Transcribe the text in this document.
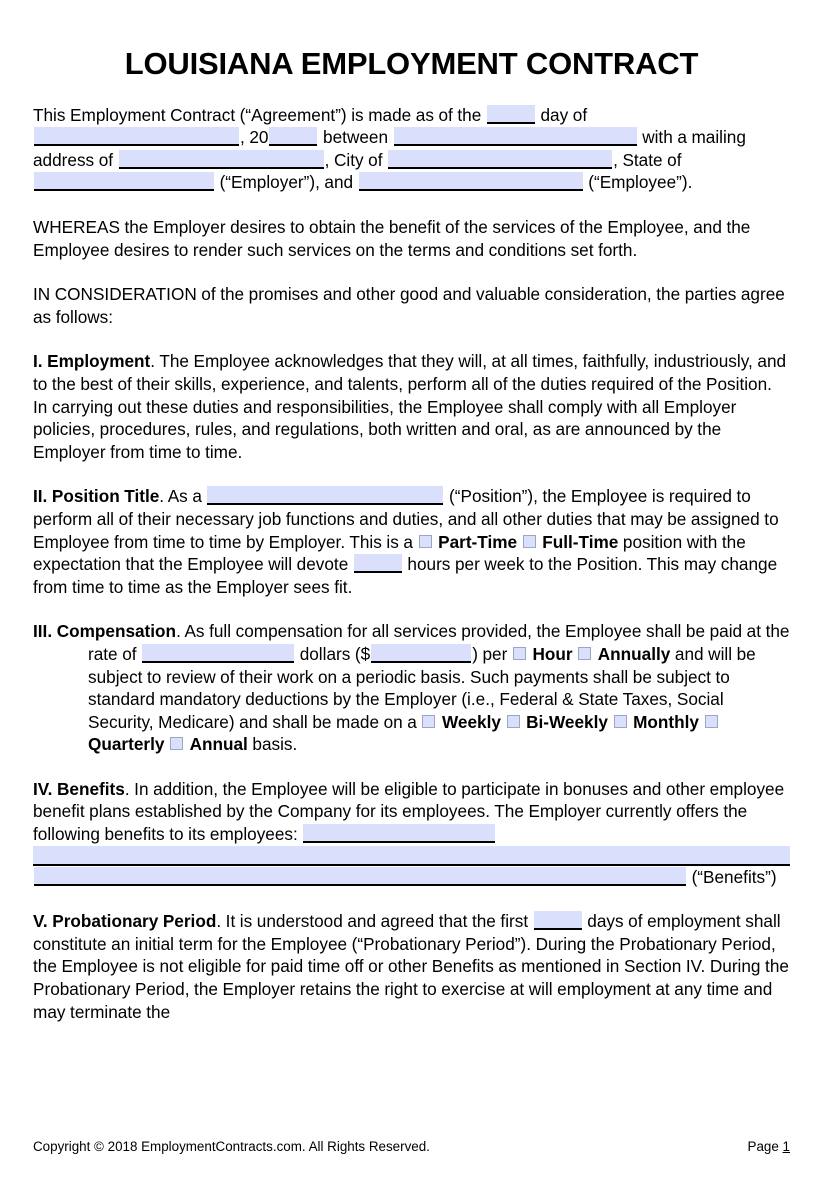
LOUISIANA EMPLOYMENT CONTRACT

This Employment Contract (“Agreement”) is made as of the	day of , 20	between	with a mailing address of	, City of	, State of  (“Employer”), and	(“Employee”).

WHEREAS the Employer desires to obtain the benefit of the services of the Employee, and the Employee desires to render such services on the terms and conditions set forth.

IN CONSIDERATION of the promises and other good and valuable consideration, the parties agree as follows:

I. Employment. The Employee acknowledges that they will, at all times, faithfully, industriously, and to the best of their skills, experience, and talents, perform all of the duties required of the Position. In carrying out these duties and responsibilities, the Employee shall comply with all Employer policies, procedures, rules, and regulations, both written and oral, as are announced by the Employer from time to time.

II. Position Title. As a	(“Position”), the Employee is required to perform all of their necessary job functions and duties, and all other duties that may be assigned to Employee from time to time by Employer. This is a Part-Time Full-Time position with the expectation that the Employee will devote	hours per week to the Position. This may change from time to time as the Employer sees fit.

III. Compensation. As full compensation for all services provided, the Employee shall be paid at the rate of	dollars ($	) per Hour Annually and will be subject to review of their work on a periodic basis. Such payments shall be subject to standard mandatory deductions by the Employer (i.e., Federal & State Taxes, Social Security, Medicare) and shall be made on a Weekly Bi-Weekly Monthly  Quarterly Annual basis.

IV. Benefits. In addition, the Employee will be eligible to participate in bonuses and other employee benefit plans established by the Company for its employees. The Employer currently offers the following benefits to its employees:
(“Benefits”)

V. Probationary Period. It is understood and agreed that the first	days of employment shall constitute an initial term for the Employee (“Probationary Period”). During the Probationary Period, the Employee is not eligible for paid time off or other Benefits as mentioned in Section IV. During the Probationary Period, the Employer retains the right to exercise at will employment at any time and may terminate the

Copyright © 2018 EmploymentContracts.com. All Rights Reserved.	Page 1
